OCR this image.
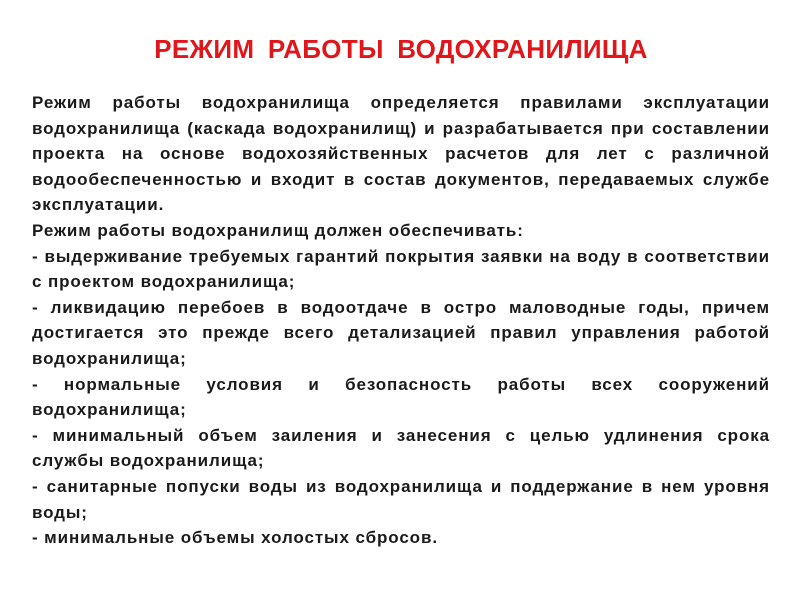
РЕЖИМ РАБОТЫ ВОДОХРАНИЛИЩА

Режим работы водохранилища определяется правилами эксплуатации водохранилища (каскада водохранилищ) и разрабатывается при составлении проекта на основе водохозяйственных расчетов для лет с различной водообеспеченностью и входит в состав документов, передаваемых службе эксплуатации.

Режим работы водохранилищ должен обеспечивать:

- выдерживание требуемых гарантий покрытия заявки на воду в соответствии с проектом водохранилища;

- ликвидацию перебоев в водоотдаче в остро маловодные годы, причем достигается это прежде всего детализацией правил управления работой водохранилища;

- нормальные условия и безопасность работы всех сооружений водохранилища;

- минимальный объем заиления и занесения с целью удлинения срока службы водохранилища;

- санитарные попуски воды из водохранилища и поддержание в нем уровня воды;

- минимальные объемы холостых сбросов.
